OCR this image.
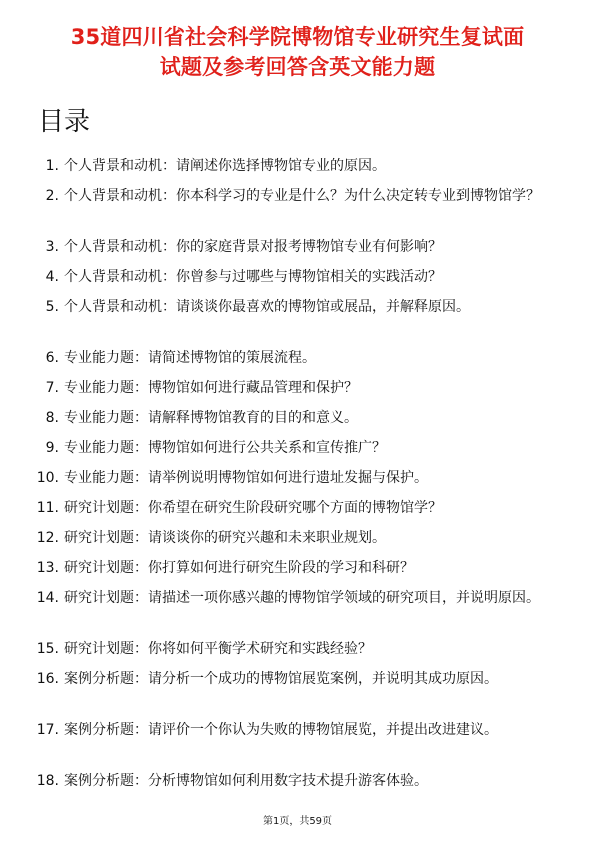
35道四川省社会科学院博物馆专业研究生复试面
试题及参考回答含英文能力题
目录
1. 个人背景和动机：请阐述你选择博物馆专业的原因。
2. 个人背景和动机：你本科学习的专业是什么？为什么决定转专业到博物馆学？
3. 个人背景和动机：你的家庭背景对报考博物馆专业有何影响？
4. 个人背景和动机：你曾参与过哪些与博物馆相关的实践活动？
5. 个人背景和动机：请谈谈你最喜欢的博物馆或展品，并解释原因。
6. 专业能力题：请简述博物馆的策展流程。
7. 专业能力题：博物馆如何进行藏品管理和保护？
8. 专业能力题：请解释博物馆教育的目的和意义。
9. 专业能力题：博物馆如何进行公共关系和宣传推广？
10. 专业能力题：请举例说明博物馆如何进行遗址发掘与保护。
11. 研究计划题：你希望在研究生阶段研究哪个方面的博物馆学？
12. 研究计划题：请谈谈你的研究兴趣和未来职业规划。
13. 研究计划题：你打算如何进行研究生阶段的学习和科研？
14. 研究计划题：请描述一项你感兴趣的博物馆学领域的研究项目，并说明原因。
15. 研究计划题：你将如何平衡学术研究和实践经验？
16. 案例分析题：请分析一个成功的博物馆展览案例，并说明其成功原因。
17. 案例分析题：请评价一个你认为失败的博物馆展览，并提出改进建议。
18. 案例分析题：分析博物馆如何利用数字技术提升游客体验。
第1页，共59页
